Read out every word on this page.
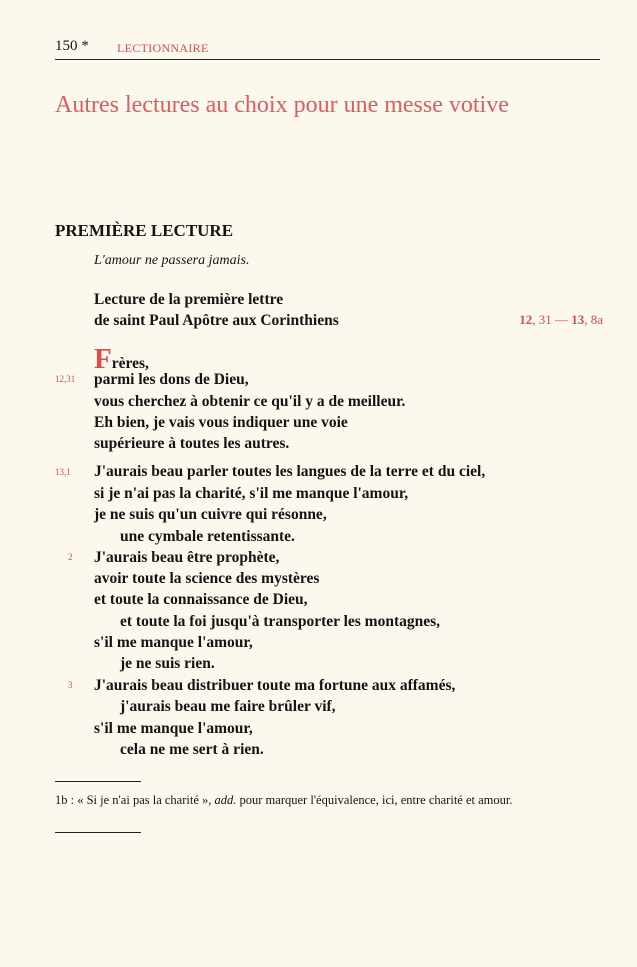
150 * LECTIONNAIRE
Autres lectures au choix pour une messe votive
PREMIÈRE LECTURE
L'amour ne passera jamais.
Lecture de la première lettre
de saint Paul Apôtre aux Corinthiens	12, 31 — 13, 8a
Frères,
12,31 parmi les dons de Dieu,
vous cherchez à obtenir ce qu'il y a de meilleur.
Eh bien, je vais vous indiquer une voie
supérieure à toutes les autres.
13,1 J'aurais beau parler toutes les langues de la terre et du ciel,
si je n'ai pas la charité, s'il me manque l'amour,
je ne suis qu'un cuivre qui résonne,
une cymbale retentissante.
2 J'aurais beau être prophète,
avoir toute la science des mystères
et toute la connaissance de Dieu,
et toute la foi jusqu'à transporter les montagnes,
s'il me manque l'amour,
je ne suis rien.
3 J'aurais beau distribuer toute ma fortune aux affamés,
j'aurais beau me faire brûler vif,
s'il me manque l'amour,
cela ne me sert à rien.
1b : « Si je n'ai pas la charité », add. pour marquer l'équivalence, ici, entre charité et amour.
